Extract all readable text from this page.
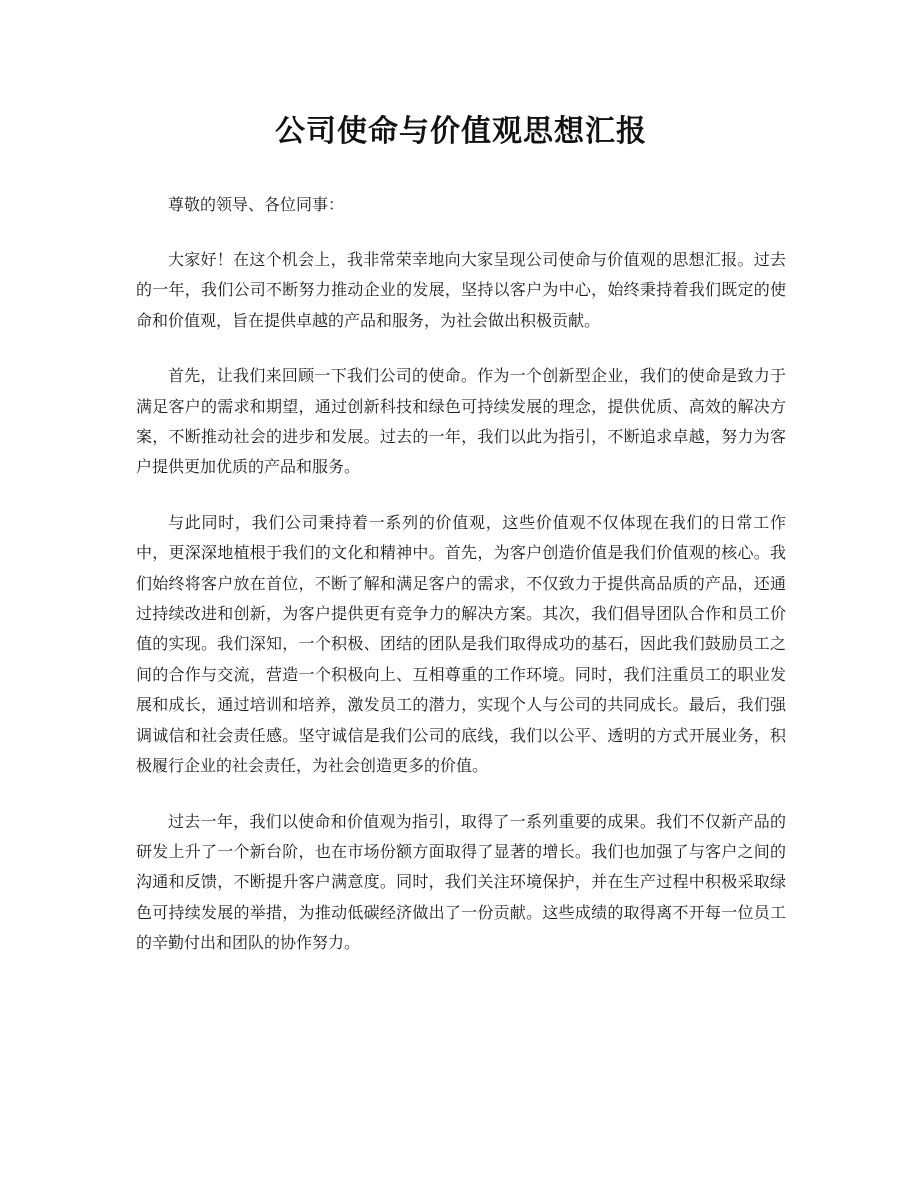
公司使命与价值观思想汇报
尊敬的领导、各位同事：

大家好！在这个机会上，我非常荣幸地向大家呈现公司使命与价值观的思想汇报。过去的一年，我们公司不断努力推动企业的发展，坚持以客户为中心，始终秉持着我们既定的使命和价值观，旨在提供卓越的产品和服务，为社会做出积极贡献。

首先，让我们来回顾一下我们公司的使命。作为一个创新型企业，我们的使命是致力于满足客户的需求和期望，通过创新科技和绿色可持续发展的理念，提供优质、高效的解决方案，不断推动社会的进步和发展。过去的一年，我们以此为指引，不断追求卓越，努力为客户提供更加优质的产品和服务。

与此同时，我们公司秉持着一系列的价值观，这些价值观不仅体现在我们的日常工作中，更深深地植根于我们的文化和精神中。首先，为客户创造价值是我们价值观的核心。我们始终将客户放在首位，不断了解和满足客户的需求，不仅致力于提供高品质的产品，还通过持续改进和创新，为客户提供更有竞争力的解决方案。其次，我们倡导团队合作和员工价值的实现。我们深知，一个积极、团结的团队是我们取得成功的基石，因此我们鼓励员工之间的合作与交流，营造一个积极向上、互相尊重的工作环境。同时，我们注重员工的职业发展和成长，通过培训和培养，激发员工的潜力，实现个人与公司的共同成长。最后，我们强调诚信和社会责任感。坚守诚信是我们公司的底线，我们以公平、透明的方式开展业务，积极履行企业的社会责任，为社会创造更多的价值。

过去一年，我们以使命和价值观为指引，取得了一系列重要的成果。我们不仅新产品的研发上升了一个新台阶，也在市场份额方面取得了显著的增长。我们也加强了与客户之间的沟通和反馈，不断提升客户满意度。同时，我们关注环境保护，并在生产过程中积极采取绿色可持续发展的举措，为推动低碳经济做出了一份贡献。这些成绩的取得离不开每一位员工的辛勤付出和团队的协作努力。
